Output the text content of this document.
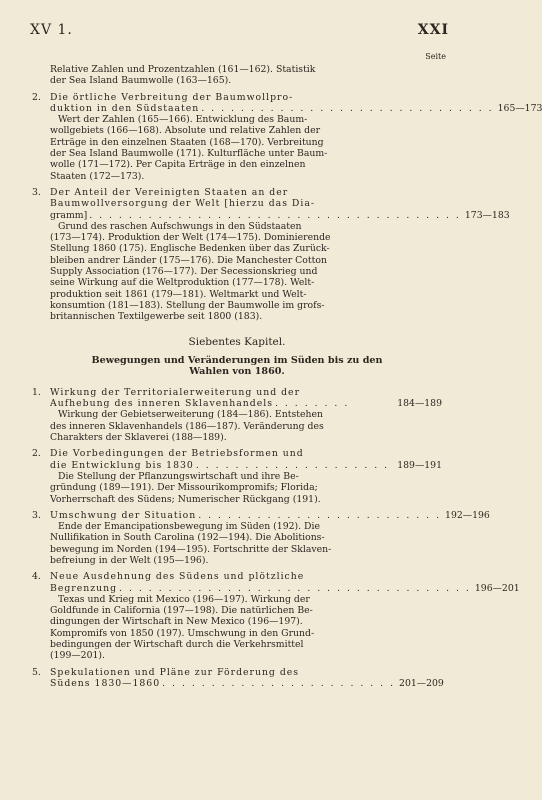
XV 1.	XXI
Seite
Relative Zahlen und Prozentzahlen (161—162). Statistik
der Sea Island Baumwolle (163—165).
2. Die örtliche Verbreitung der Baumwollpro-
duktion in den Südstaaten . . . . . . . . . . . . . . . . . . . . . . . . . . . . . . 165—173
Wert der Zahlen (165—166). Entwicklung des Baum-
wollgebiets (166—168). Absolute und relative Zahlen der
Erträge in den einzelnen Staaten (168—170). Verbreitung
der Sea Island Baumwolle (171). Kulturfläche unter Baum-
wolle (171—172). Per Capita Erträge in den einzelnen
Staaten (172—173).
3. Der Anteil der Vereinigten Staaten an der
Baumwollversorgung der Welt [hierzu das Dia-
gramm] . . . . . . . . . . . . . . . . . . . . . . . . . . . . . . . . . . . . . . 173—183
Grund des raschen Aufschwungs in den Südstaaten
(173—174). Produktion der Welt (174—175). Dominierende
Stellung 1860 (175). Englische Bedenken über das Zurück-
bleiben andrer Länder (175—176). Die Manchester Cotton
Supply Association (176—177). Der Secessionskrieg und
seine Wirkung auf die Weltproduktion (177—178). Welt-
produktion seit 1861 (179—181). Weltmarkt und Welt-
konsumtion (181—183). Stellung der Baumwolle im grofs-
britannischen Textilgewerbe seit 1800 (183).
Siebentes Kapitel.
Bewegungen und Veränderungen im Süden bis zu den
Wahlen von 1860.
1. Wirkung der Territorialerweiterung und der
Aufhebung des inneren Sklavenhandels . . . . . . . .	184—189
Wirkung der Gebietserweiterung (184—186). Entstehen
des inneren Sklavenhandels (186—187). Veränderung des
Charakters der Sklaverei (188—189).
2. Die Vorbedingungen der Betriebsformen und
die Entwicklung bis 1830 . . . . . . . . . . . . . . . . . . . . 189—191
Die Stellung der Pflanzungswirtschaft und ihre Be-
gründung (189—191). Der Missourikompromifs; Florida;
Vorherrschaft des Südens; Numerischer Rückgang (191).
3. Umschwung der Situation . . . . . . . . . . . . . . . . . . . . . . . . . 192—196
Ende der Emancipationsbewegung im Süden (192). Die
Nullifikation in South Carolina (192—194). Die Abolitions-
bewegung im Norden (194—195). Fortschritte der Sklaven-
befreiung in der Welt (195—196).
4. Neue Ausdehnung des Südens und plötzliche
Begrenzung . . . . . . . . . . . . . . . . . . . . . . . . . . . . . . . . . . . . 196—201
Texas und Krieg mit Mexico (196—197). Wirkung der
Goldfunde in California (197—198). Die natürlichen Be-
dingungen der Wirtschaft in New Mexico (196—197).
Kompromifs von 1850 (197). Umschwung in den Grund-
bedingungen der Wirtschaft durch die Verkehrsmittel
(199—201).
5. Spekulationen und Pläne zur Förderung des
Südens 1830—1860 . . . . . . . . . . . . . . . . . . . . . . . . 201—209
